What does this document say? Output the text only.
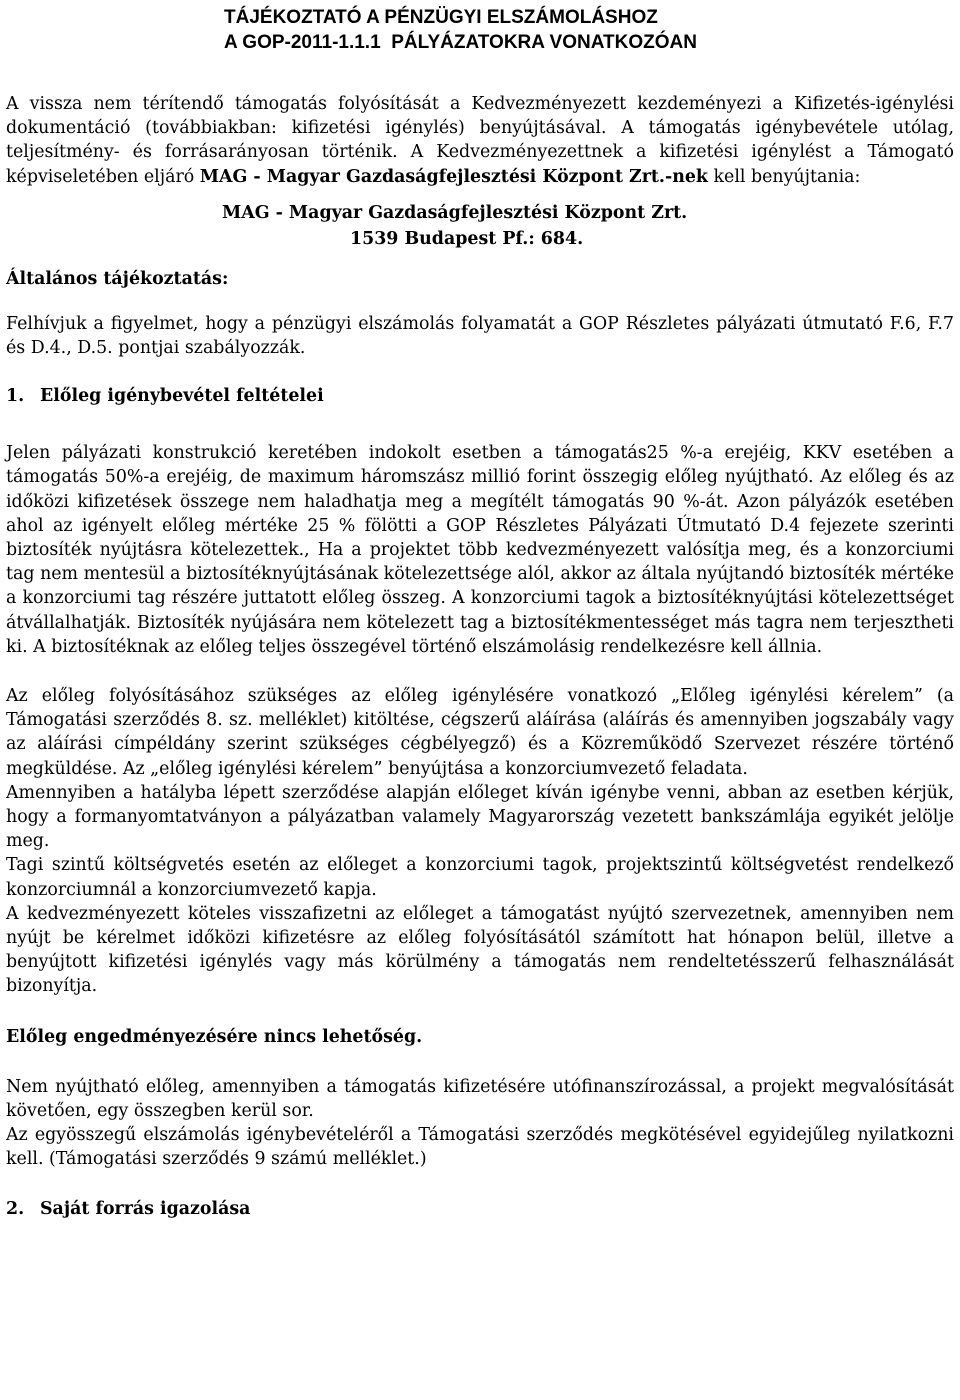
TÁJÉKOZTATÓ A PÉNZÜGYI ELSZÁMOLÁSHOZ
A GOP-2011-1.1.1  PÁLYÁZATOKRA VONATKOZÓAN

A vissza nem térítendő támogatás folyósítását a Kedvezményezett kezdeményezi a Kifizetés-igénylési dokumentáció (továbbiakban: kifizetési igénylés) benyújtásával. A támogatás igénybevétele utólag, teljesítmény- és forrásarányosan történik. A Kedvezményezettnek a kifizetési igénylést a Támogató képviseletében eljáró MAG - Magyar Gazdaságfejlesztési Központ Zrt.-nek kell benyújtania:

MAG - Magyar Gazdaságfejlesztési Központ Zrt.
1539 Budapest Pf.: 684.
Általános tájékoztatás:

Felhívjuk a figyelmet, hogy a pénzügyi elszámolás folyamatát a GOP Részletes pályázati útmutató F.6, F.7 és D.4., D.5. pontjai szabályozzák.

1. Előleg igénybevétel feltételei

Jelen pályázati konstrukció keretében indokolt esetben a támogatás25 %-a erejéig, KKV esetében a támogatás 50%-a erejéig, de maximum háromszász millió forint összegig előleg nyújtható. Az előleg és az időközi kifizetések összege nem haladhatja meg a megítélt támogatás 90 %-át. Azon pályázók esetében ahol az igényelt előleg mértéke 25 % fölötti a GOP Részletes Pályázati Útmutató D.4 fejezete szerinti biztosíték nyújtásra kötelezettek., Ha a projektet több kedvezményezett valósítja meg, és a konzorciumi tag nem mentesül a biztosítéknyújtásának kötelezettsége alól, akkor az általa nyújtandó biztosíték mértéke a konzorciumi tag részére juttatott előleg összeg. A konzorciumi tagok a biztosítéknyújtási kötelezettséget átvállalhatják. Biztosíték nyújására nem kötelezett tag a biztosítékmentességet más tagra nem terjesztheti ki. A biztosítéknak az előleg teljes összegével történő elszámolásig rendelkezésre kell állnia.

Az előleg folyósításához szükséges az előleg igénylésére vonatkozó „Előleg igénylési kérelem” (a Támogatási szerződés 8. sz. melléklet) kitöltése, cégszerű aláírása (aláírás és amennyiben jogszabály vagy az aláírási címpéldány szerint szükséges cégbélyegző) és a Közreműködő Szervezet részére történő megküldése. Az „előleg igénylési kérelem” benyújtása a konzorciumvezető feladata.

Amennyiben a hatályba lépett szerződése alapján előleget kíván igénybe venni, abban az esetben kérjük, hogy a formanyomtatványon a pályázatban valamely Magyarország vezetett bankszámlája egyikét jelölje meg.

Tagi szintű költségvetés esetén az előleget a konzorciumi tagok, projektszintű költségvetést rendelkező konzorciumnál a konzorciumvezető kapja.

A kedvezményezett köteles visszafizetni az előleget a támogatást nyújtó szervezetnek, amennyiben nem nyújt be kérelmet időközi kifizetésre az előleg folyósításától számított hat hónapon belül, illetve a benyújtott kifizetési igénylés vagy más körülmény a támogatás nem rendeltetésszerű felhasználását bizonyítja.

Előleg engedményezésére nincs lehetőség.

Nem nyújtható előleg, amennyiben a támogatás kifizetésére utófinanszírozással, a projekt megvalósítását követően, egy összegben kerül sor.

Az egyösszegű elszámolás igénybevételéről a Támogatási szerződés megkötésével egyidejűleg nyilatkozni kell. (Támogatási szerződés 9 számú melléklet.)

2. Saját forrás igazolása
